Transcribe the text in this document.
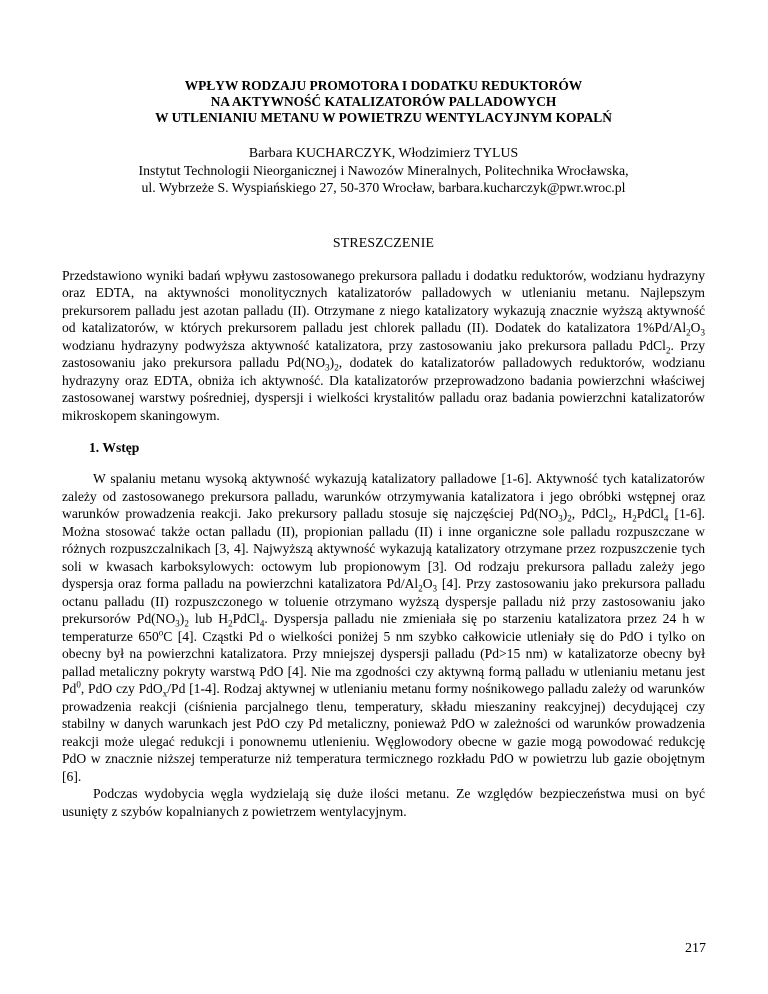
WPŁYW RODZAJU PROMOTORA I DODATKU REDUKTORÓW

NA AKTYWNOŚĆ KATALIZATORÓW PALLADOWYCH

W UTLENIANIU METANU W POWIETRZU WENTYLACYJNYM KOPALŃ

Barbara KUCHARCZYK, Włodzimierz TYLUS
Instytut Technologii Nieorganicznej i Nawozów Mineralnych, Politechnika Wrocławska,
ul. Wybrzeże S. Wyspiańskiego 27, 50-370 Wrocław, barbara.kucharczyk@pwr.wroc.pl
STRESZCZENIE
Przedstawiono wyniki badań wpływu zastosowanego prekursora palladu i dodatku reduktorów, wodzianu hydrazyny oraz EDTA, na aktywności monolitycznych katalizatorów palladowych w utlenianiu metanu. Najlepszym prekursorem palladu jest azotan palladu (II). Otrzymane z niego katalizatory wykazują znacznie wyższą aktywność od katalizatorów, w których prekursorem palladu jest chlorek palladu (II). Dodatek do katalizatora $1\%Pd/Al_2O_3$ wodzianu hydrazyny podwyższa aktywność katalizatora, przy zastosowaniu jako prekursora palladu PdCl$_2$. Przy zastosowaniu jako prekursora palladu $Pd(NO_3)_2$, dodatek do katalizatorów palladowych reduktorów, wodzianu hydrazyny oraz EDTA, obniża ich aktywność. Dla katalizatorów przeprowadzono badania powierzchni właściwej zastosowanej warstwy pośredniej, dyspersji i wielkości krystalitów palladu oraz badania powierzchni katalizatorów mikroskopem skaningowym.
1. Wstęp

W spalaniu metanu wysoką aktywność wykazują katalizatory palladowe [1-6]. Aktywność tych katalizatorów zależy od zastosowanego prekursora palladu, warunków otrzymywania katalizatora i jego obróbki wstępnej oraz warunków prowadzenia reakcji. Jako prekursory palladu stosuje się najczęściej $Pd(NO_3)_2$, PdCl$_2$, $H_2PdCl_4$ [1-6]. Można stosować także octan palladu (II), propionian palladu (II) i inne organiczne sole palladu rozpuszczane w różnych rozpuszczalnikach [3, 4]. Najwyższą aktywność wykazują katalizatory otrzymane przez rozpuszczenie tych soli w kwasach karboksylowych: octowym lub propionowym [3]. Od rodzaju prekursora palladu zależy jego dyspersja oraz forma palladu na powierzchni katalizatora $Pd/Al_2O_3$ [4]. Przy zastosowaniu jako prekursora palladu octanu palladu (II) rozpuszczonego w toluenie otrzymano wyższą dyspersje palladu niż przy zastosowaniu jako prekursorów $Pd(NO_3)_2$ lub $H_2PdCl_4$. Dyspersja palladu nie zmieniała się po starzeniu katalizatora przez 24 h w temperaturze 650$^o$C [4]. Cząstki Pd o wielkości poniżej 5 nm szybko całkowicie utleniały się do PdO i tylko on obecny był na powierzchni katalizatora. Przy mniejszej dyspersji palladu (Pd>15 nm) w katalizatorze obecny był pallad metaliczny pokryty warstwą PdO [4]. Nie ma zgodności czy aktywną formą palladu w utlenianiu metanu jest Pd$^0$, PdO czy PdO$_x$/Pd [1-4]. Rodzaj aktywnej w utlenianiu metanu formy nośnikowego palladu zależy od warunków prowadzenia reakcji (ciśnienia parcjalnego tlenu, temperatury, składu mieszaniny reakcyjnej) decydującej czy stabilny w danych warunkach jest PdO czy Pd metaliczny, ponieważ PdO w zależności od warunków prowadzenia reakcji może ulegać redukcji i ponownemu utlenieniu. Węglowodory obecne w gazie mogą powodować redukcję PdO w znacznie niższej temperaturze niż temperatura termicznego rozkładu PdO w powietrzu lub gazie obojętnym [6].

Podczas wydobycia węgla wydzielają się duże ilości metanu. Ze względów bezpieczeństwa musi on być usunięty z szybów kopalnianych z powietrzem wentylacyjnym.

217
